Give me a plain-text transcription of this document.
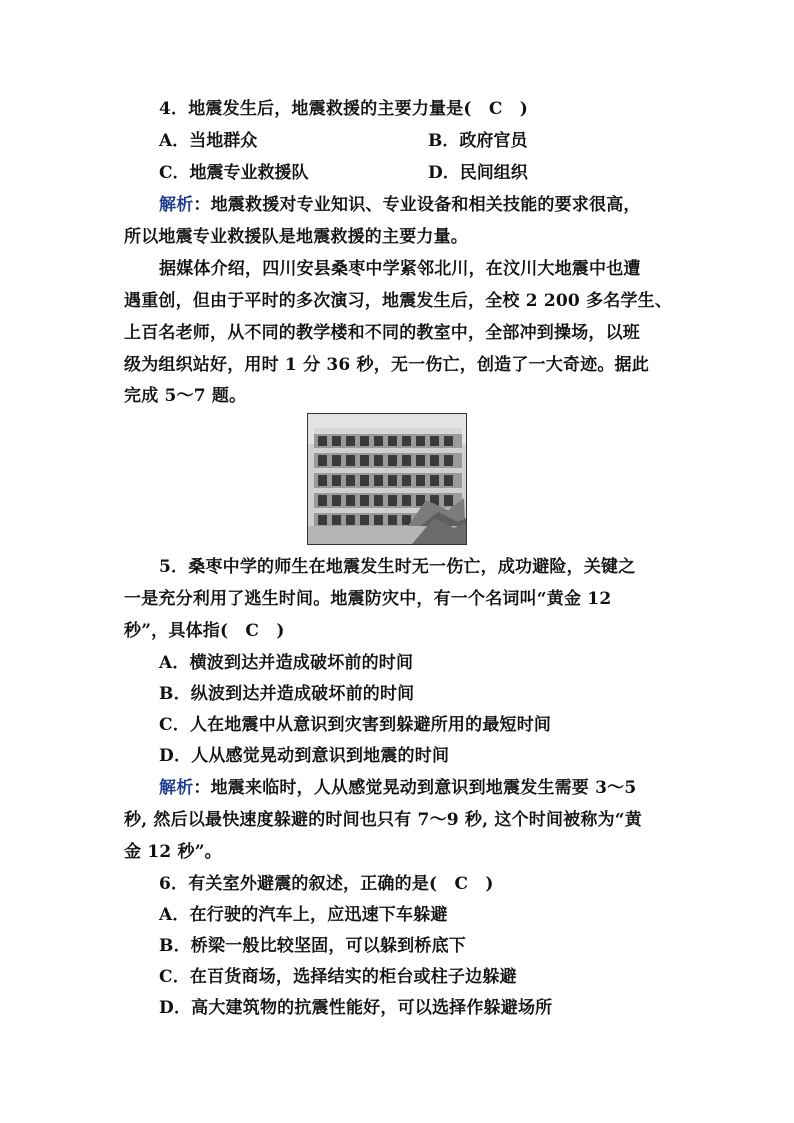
4．地震发生后，地震救援的主要力量是(　C　)
A．当地群众	B．政府官员
C．地震专业救援队	D．民间组织
解析：地震救援对专业知识、专业设备和相关技能的要求很高，
所以地震专业救援队是地震救援的主要力量。
据媒体介绍，四川安县桑枣中学紧邻北川，在汶川大地震中也遭
遇重创，但由于平时的多次演习，地震发生后，全校 2 200 多名学生、
上百名老师，从不同的教学楼和不同的教室中，全部冲到操场，以班
级为组织站好，用时 1 分 36 秒，无一伤亡，创造了一大奇迹。据此
完成 5～7 题。
5．桑枣中学的师生在地震发生时无一伤亡，成功避险，关键之
一是充分利用了逃生时间。地震防灾中，有一个名词叫“黄金 12
秒”，具体指(　C　)
A．横波到达并造成破坏前的时间
B．纵波到达并造成破坏前的时间
C．人在地震中从意识到灾害到躲避所用的最短时间
D．人从感觉晃动到意识到地震的时间
解析：地震来临时，人从感觉晃动到意识到地震发生需要 3～5
秒, 然后以最快速度躲避的时间也只有 7～9 秒, 这个时间被称为“黄
金 12 秒”。
6．有关室外避震的叙述，正确的是(　C　)
A．在行驶的汽车上，应迅速下车躲避
B．桥梁一般比较坚固，可以躲到桥底下
C．在百货商场，选择结实的柜台或柱子边躲避
D．高大建筑物的抗震性能好，可以选择作躲避场所
